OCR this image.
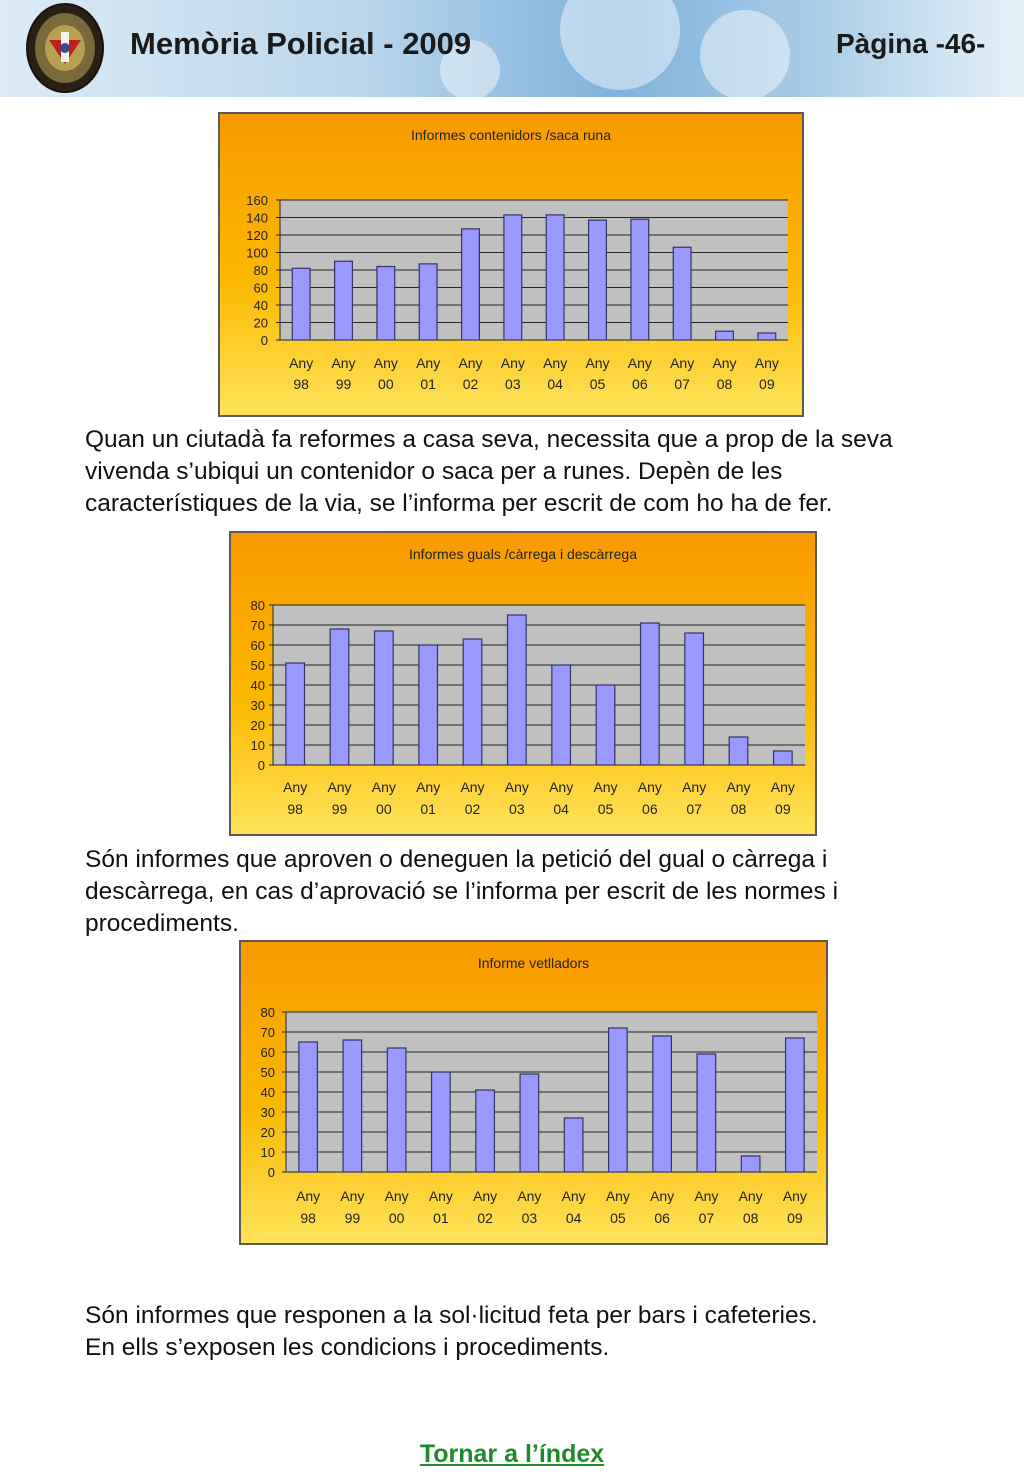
Memòria Policial - 2009	Pàgina -46-
Informes contenidors /saca runa
0
20
40
60
80
100
120
140
160
Any
98
Any
99
Any
00
Any
01
Any
02
Any
03
Any
04
Any
05
Any
06
Any
07
Any
08
Any
09
Quan un ciutadà fa reformes a casa seva, necessita que a prop de la seva
vivenda s’ubiqui un contenidor o saca per a runes. Depèn de les
característiques de la via, se l’informa per escrit de com ho ha de fer.
Informes guals /càrrega i descàrrega
0
10
20
30
40
50
60
70
80
Any
98
Any
99
Any
00
Any
01
Any
02
Any
03
Any
04
Any
05
Any
06
Any
07
Any
08
Any
09
Són informes que aproven o deneguen la petició del gual o càrrega i
descàrrega, en cas d’aprovació se l’informa per escrit de les normes i
procediments.
Informe vetlladors
0
10
20
30
40
50
60
70
80
Any
98
Any
99
Any
00
Any
01
Any
02
Any
03
Any
04
Any
05
Any
06
Any
07
Any
08
Any
09
Són informes que responen a la sol·licitud feta per bars i cafeteries.
En ells s’exposen les condicions i procediments.
Tornar a l’índex
